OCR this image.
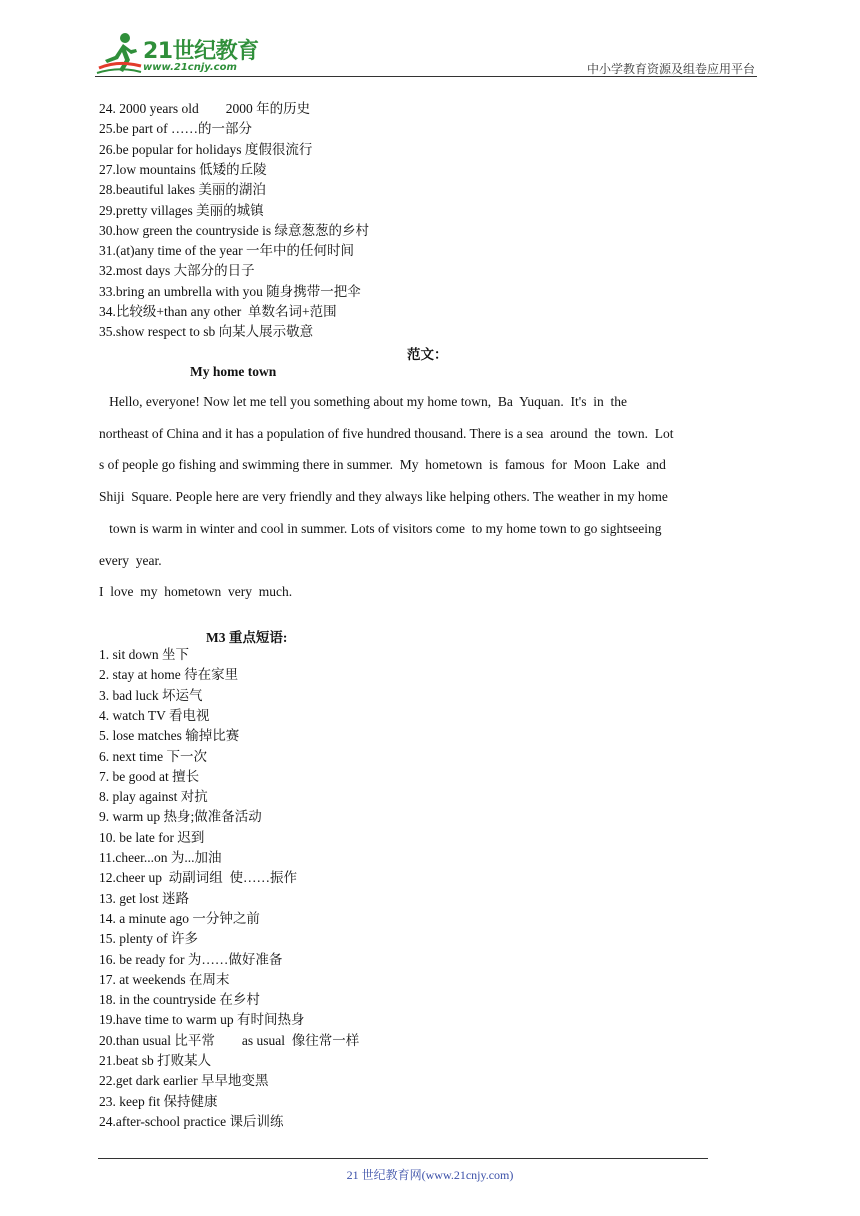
21世纪教育
www.21cnjy.com	中小学教育资源及组卷应用平台
24. 2000 years old        2000 年的历史
25.be part of ……的一部分
26.be popular for holidays 度假很流行
27.low mountains 低矮的丘陵
28.beautiful lakes 美丽的湖泊
29.pretty villages 美丽的城镇
30.how green the countryside is 绿意葱葱的乡村
31.(at)any time of the year 一年中的任何时间
32.most days 大部分的日子
33.bring an umbrella with you 随身携带一把伞
34.比较级+than any other  单数名词+范围
35.show respect to sb 向某人展示敬意
范文：
My home town
Hello, everyone! Now let me tell you something about my home town,  Ba  Yuquan.  It's  in  the
northeast of China and it has a population of five hundred thousand. There is a sea  around  the  town.  Lot
s of people go fishing and swimming there in summer.  My  hometown  is  famous  for  Moon  Lake  and
Shiji  Square. People here are very friendly and they always like helping others. The weather in my home
town is warm in winter and cool in summer. Lots of visitors come  to my home town to go sightseeing
every  year.
I  love  my  hometown  very  much.
M3 重点短语:
1. sit down 坐下
2. stay at home 待在家里
3. bad luck 坏运气
4. watch TV 看电视
5. lose matches 输掉比赛
6. next time 下一次
7. be good at 擅长
8. play against 对抗
9. warm up 热身;做准备活动
10. be late for 迟到
11.cheer...on 为...加油
12.cheer up  动副词组  使……振作
13. get lost 迷路
14. a minute ago 一分钟之前
15. plenty of 许多
16. be ready for 为……做好准备
17. at weekends 在周末
18. in the countryside 在乡村
19.have time to warm up 有时间热身
20.than usual 比平常        as usual  像往常一样
21.beat sb 打败某人
22.get dark earlier 早早地变黑
23. keep fit 保持健康
24.after-school practice 课后训练
21 世纪教育网(www.21cnjy.com)
